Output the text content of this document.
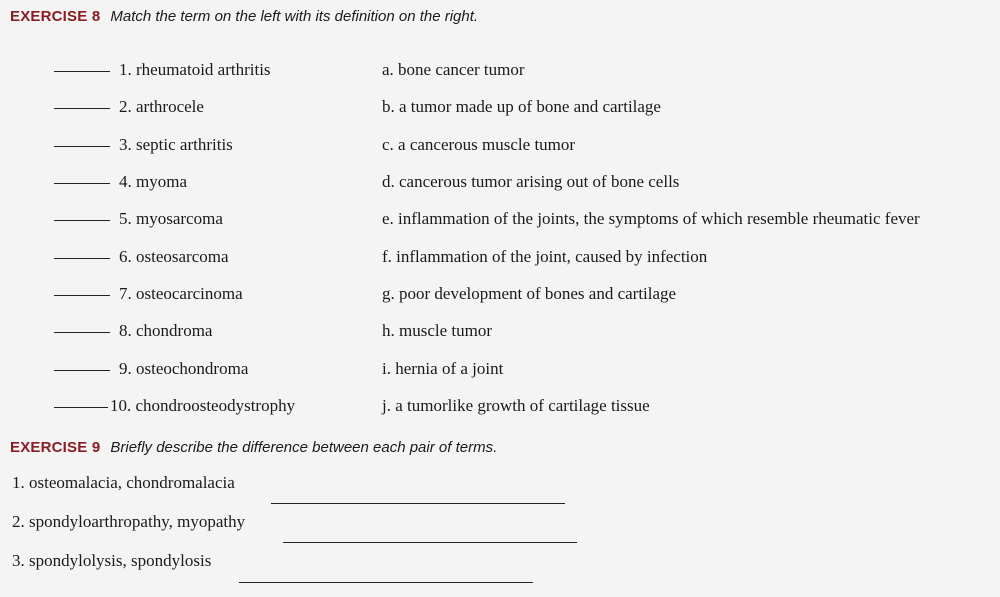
EXERCISE 8 Match the term on the left with its definition on the right.
1. rheumatoid arthritis	a. bone cancer tumor
2. arthrocele	b. a tumor made up of bone and cartilage
3. septic arthritis	c. a cancerous muscle tumor
4. myoma	d. cancerous tumor arising out of bone cells
5. myosarcoma	e. inflammation of the joints, the symptoms of which resemble rheumatic fever
6. osteosarcoma	f. inflammation of the joint, caused by infection
7. osteocarcinoma	g. poor development of bones and cartilage
8. chondroma	h. muscle tumor
9. osteochondroma	i. hernia of a joint
10. chondroosteodystrophy	j. a tumorlike growth of cartilage tissue
EXERCISE 9 Briefly describe the difference between each pair of terms.
1. osteomalacia, chondromalacia
2. spondyloarthropathy, myopathy
3. spondylolysis, spondylosis
